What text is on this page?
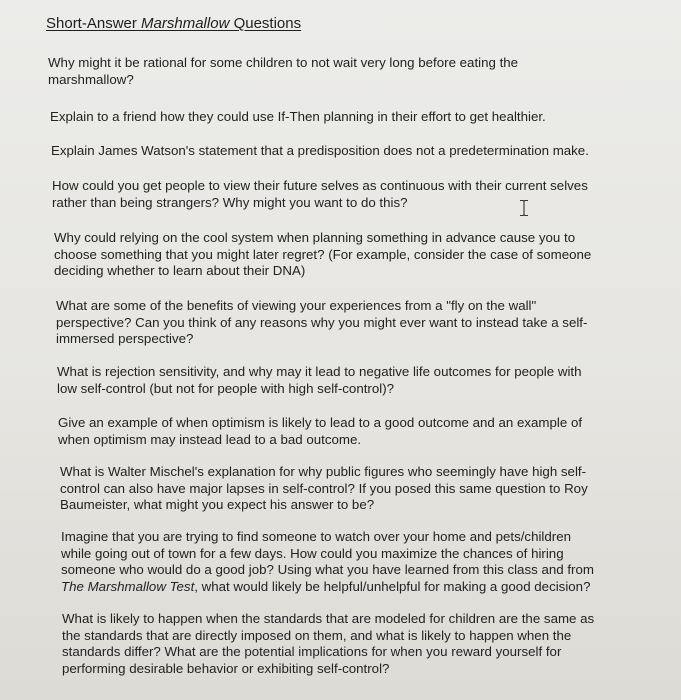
Short-Answer Marshmallow Questions

Why might it be rational for some children to not wait very long before eating the
marshmallow?

Explain to a friend how they could use If-Then planning in their effort to get healthier.

Explain James Watson's statement that a predisposition does not a predetermination make.

How could you get people to view their future selves as continuous with their current selves
rather than being strangers? Why might you want to do this?

Why could relying on the cool system when planning something in advance cause you to
choose something that you might later regret? (For example, consider the case of someone
deciding whether to learn about their DNA)

What are some of the benefits of viewing your experiences from a "fly on the wall"
perspective? Can you think of any reasons why you might ever want to instead take a self-
immersed perspective?

What is rejection sensitivity, and why may it lead to negative life outcomes for people with
low self-control (but not for people with high self-control)?

Give an example of when optimism is likely to lead to a good outcome and an example of
when optimism may instead lead to a bad outcome.

What is Walter Mischel's explanation for why public figures who seemingly have high self-
control can also have major lapses in self-control? If you posed this same question to Roy
Baumeister, what might you expect his answer to be?

Imagine that you are trying to find someone to watch over your home and pets/children
while going out of town for a few days. How could you maximize the chances of hiring
someone who would do a good job? Using what you have learned from this class and from
The Marshmallow Test, what would likely be helpful/unhelpful for making a good decision?

What is likely to happen when the standards that are modeled for children are the same as
the standards that are directly imposed on them, and what is likely to happen when the
standards differ? What are the potential implications for when you reward yourself for
performing desirable behavior or exhibiting self-control?
